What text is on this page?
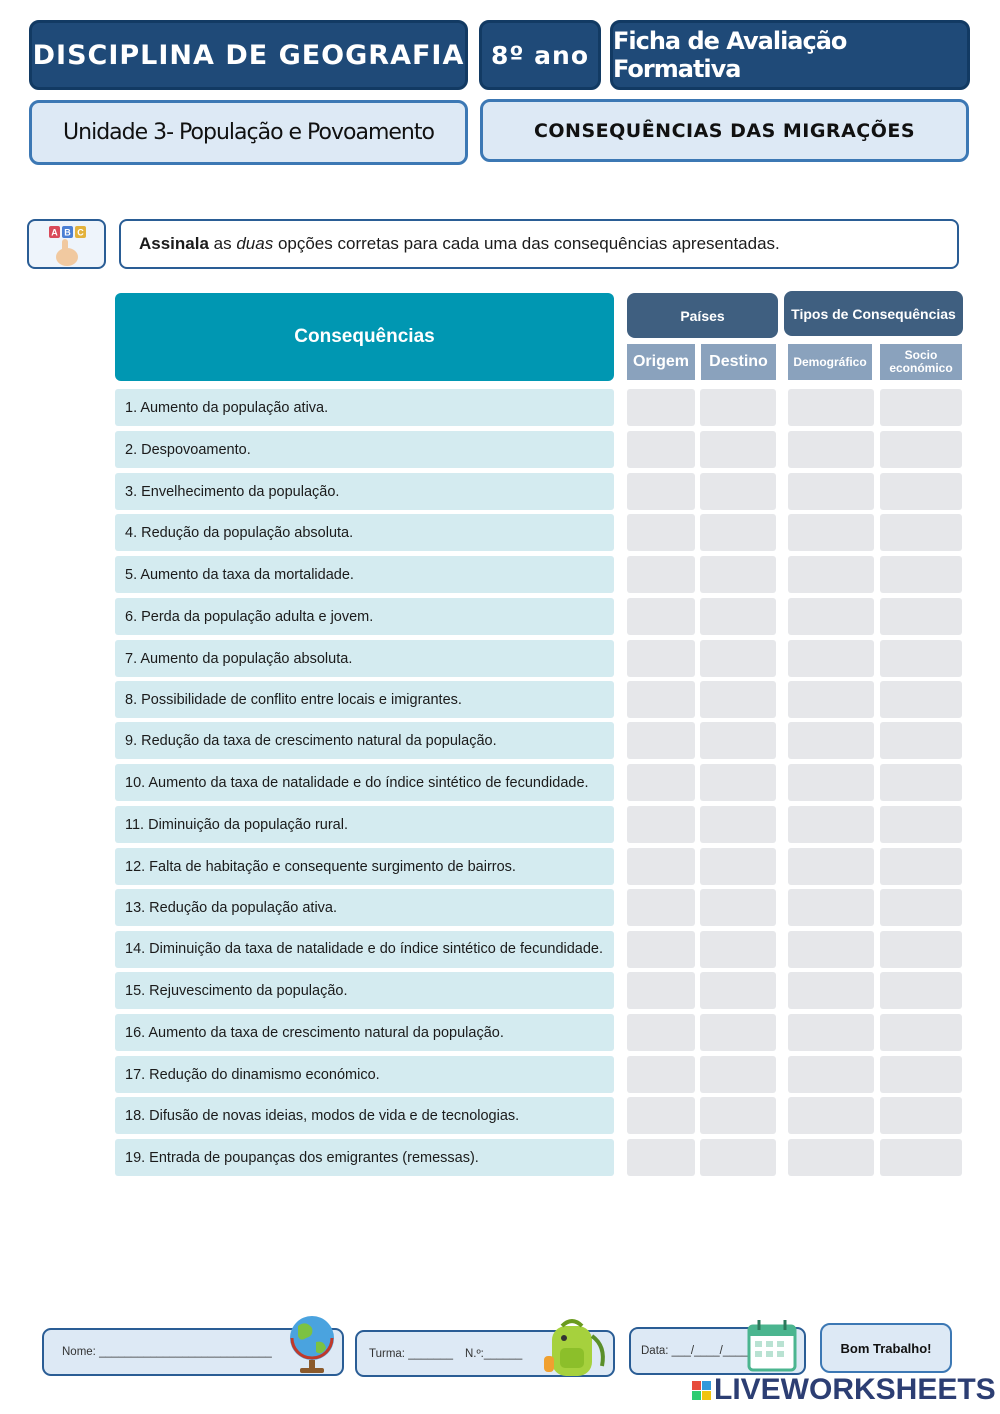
DISCIPLINA DE GEOGRAFIA	8º ano Ficha de Avaliação Formativa
Unidade 3- População e Povoamento	CONSEQUÊNCIAS DAS MIGRAÇÕES
A B C
Assinala as duas opções corretas para cada uma das consequências apresentadas.
Consequências
Países	Tipos de Consequências
Origem	Destino	Demográfico	Socio económico
1. Aumento da população ativa.
2. Despovoamento.
3. Envelhecimento da população.
4. Redução da população absoluta.
5. Aumento da taxa da mortalidade.
6. Perda da população adulta e jovem.
7. Aumento da população absoluta.
8. Possibilidade de conflito entre locais e imigrantes.
9. Redução da taxa de crescimento natural da população.
10. Aumento da taxa de natalidade e do índice sintético de fecundidade.
11. Diminuição da população rural.
12. Falta de habitação e consequente surgimento de bairros.
13. Redução da população ativa.
14. Diminuição da taxa de natalidade e do índice sintético de fecundidade.
15. Rejuvescimento da população.
16. Aumento da taxa de crescimento natural da população.
17. Redução do dinamismo económico.
18. Difusão de novas ideias, modos de vida e de tecnologias.
19. Entrada de poupanças dos emigrantes (remessas).
Nome: ___________________________	Turma: _______ N.º:______	Data: ___/____/____	Bom Trabalho!
LIVEWORKSHEETS
